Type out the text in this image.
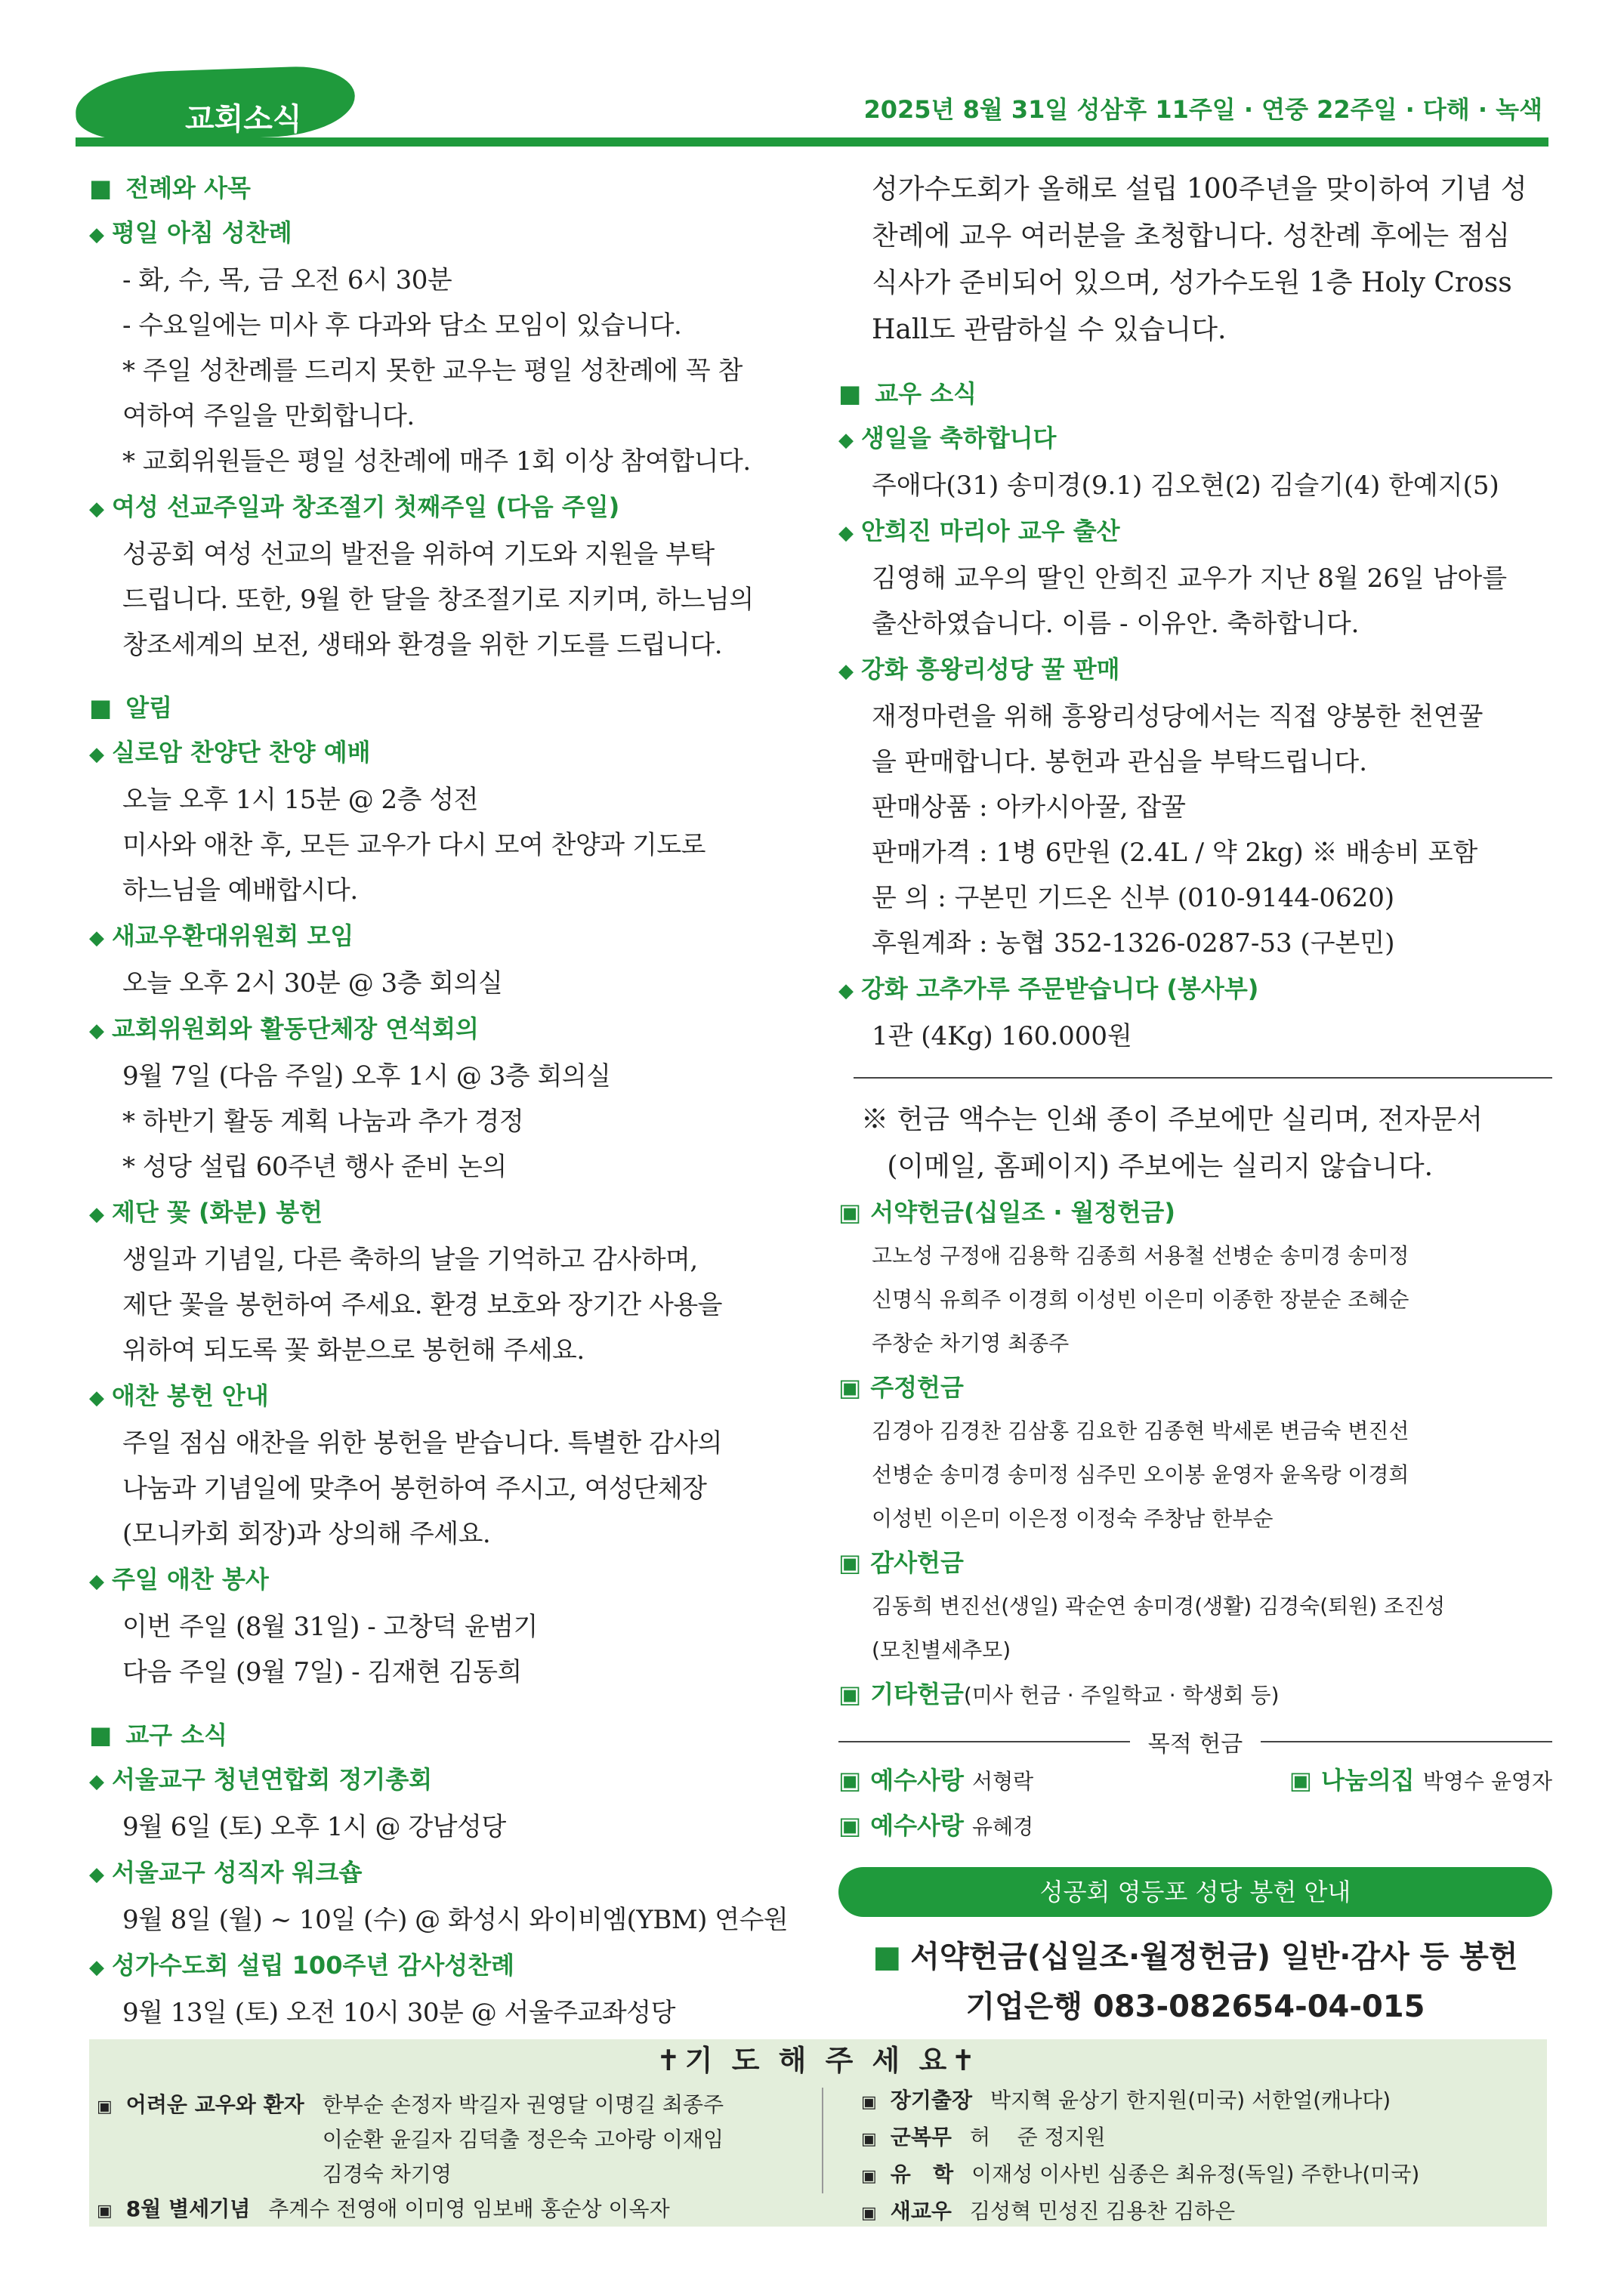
교회소식	2025년 8월 31일 성삼후 11주일 · 연중 22주일 · 다해 · 녹색
■ 전례와 사목
◆ 평일 아침 성찬례
- 화, 수, 목, 금 오전 6시 30분
- 수요일에는 미사 후 다과와 담소 모임이 있습니다.
* 주일 성찬례를 드리지 못한 교우는 평일 성찬례에 꼭 참
여하여 주일을 만회합니다.
* 교회위원들은 평일 성찬례에 매주 1회 이상 참여합니다.
◆ 여성 선교주일과 창조절기 첫째주일 (다음 주일)
성공회 여성 선교의 발전을 위하여 기도와 지원을 부탁
드립니다. 또한, 9월 한 달을 창조절기로 지키며, 하느님의
창조세계의 보전, 생태와 환경을 위한 기도를 드립니다.
■ 알림
◆ 실로암 찬양단 찬양 예배
오늘 오후 1시 15분 @ 2층 성전
미사와 애찬 후, 모든 교우가 다시 모여 찬양과 기도로
하느님을 예배합시다.
◆ 새교우환대위원회 모임
오늘 오후 2시 30분 @ 3층 회의실
◆ 교회위원회와 활동단체장 연석회의
9월 7일 (다음 주일) 오후 1시 @ 3층 회의실
* 하반기 활동 계획 나눔과 추가 경정
* 성당 설립 60주년 행사 준비 논의
◆ 제단 꽃 (화분) 봉헌
생일과 기념일, 다른 축하의 날을 기억하고 감사하며,
제단 꽃을 봉헌하여 주세요. 환경 보호와 장기간 사용을
위하여 되도록 꽃 화분으로 봉헌해 주세요.
◆ 애찬 봉헌 안내
주일 점심 애찬을 위한 봉헌을 받습니다. 특별한 감사의
나눔과 기념일에 맞추어 봉헌하여 주시고, 여성단체장
(모니카회 회장)과 상의해 주세요.
◆ 주일 애찬 봉사
이번 주일 (8월 31일) - 고창덕 윤범기
다음 주일 (9월 7일) - 김재현 김동희
■ 교구 소식
◆ 서울교구 청년연합회 정기총회
9월 6일 (토) 오후 1시 @ 강남성당
◆ 서울교구 성직자 워크숍
9월 8일 (월) ~ 10일 (수) @ 화성시 와이비엠(YBM) 연수원
◆ 성가수도회 설립 100주년 감사성찬례
9월 13일 (토) 오전 10시 30분 @ 서울주교좌성당
성가수도회가 올해로 설립 100주년을 맞이하여 기념 성
찬례에 교우 여러분을 초청합니다. 성찬례 후에는 점심
식사가 준비되어 있으며, 성가수도원 1층 Holy Cross
Hall도 관람하실 수 있습니다.
■ 교우 소식
◆ 생일을 축하합니다
주애다(31) 송미경(9.1) 김오현(2) 김슬기(4) 한예지(5)
◆ 안희진 마리아 교우 출산
김영해 교우의 딸인 안희진 교우가 지난 8월 26일 남아를
출산하였습니다. 이름 - 이유안. 축하합니다.
◆ 강화 흥왕리성당 꿀 판매
재정마련을 위해 흥왕리성당에서는 직접 양봉한 천연꿀
을 판매합니다. 봉헌과 관심을 부탁드립니다.
판매상품 : 아카시아꿀, 잡꿀
판매가격 : 1병 6만원 (2.4L / 약 2kg) ※ 배송비 포함
문 의 : 구본민 기드온 신부 (010-9144-0620)
후원계좌 : 농협 352-1326-0287-53 (구본민)
◆ 강화 고추가루 주문받습니다 (봉사부)
1관 (4Kg) 160.000원
※ 헌금 액수는 인쇄 종이 주보에만 실리며, 전자문서
(이메일, 홈페이지) 주보에는 실리지 않습니다.
▣ 서약헌금(십일조 · 월정헌금)
고노성 구정애 김용학 김종희 서용철 선병순 송미경 송미정
신명식 유희주 이경희 이성빈 이은미 이종한 장분순 조혜순
주창순 차기영 최종주
▣ 주정헌금
김경아 김경찬 김삼홍 김요한 김종현 박세론 변금숙 변진선
선병순 송미경 송미정 심주민 오이봉 윤영자 윤옥랑 이경희
이성빈 이은미 이은정 이정숙 주창남 한부순
▣ 감사헌금
김동희 변진선(생일) 곽순연 송미경(생활) 김경숙(퇴원) 조진성
(모친별세추모)
▣ 기타헌금(미사 헌금 · 주일학교 · 학생회 등)
목적 헌금
▣ 예수사랑 서형락
▣	나눔의집 박영수 윤영자
▣ 예수사랑 유혜경
성공회 영등포 성당 봉헌 안내
■ 서약헌금(십일조·월정헌금) 일반·감사 등 봉헌
기업은행 083-082654-04-015
✝기 도 해 주 세 요✝
▣ 어려운 교우와 환자 한부순 손정자 박길자 권영달 이명길 최종주
이순환 윤길자 김덕출 정은숙 고아랑 이재임
김경숙 차기영
▣ 장기출장 박지혁 윤상기 한지원(미국) 서한얼(캐나다)
▣ 군복무 허    준 정지원
▣ 유   학 이재성 이사빈 심종은 최유정(독일) 주한나(미국)
▣ 새교우 김성혁 민성진 김용찬 김하은
▣ 8월 별세기념 추계수 전영애 이미영 임보배 홍순상 이옥자
